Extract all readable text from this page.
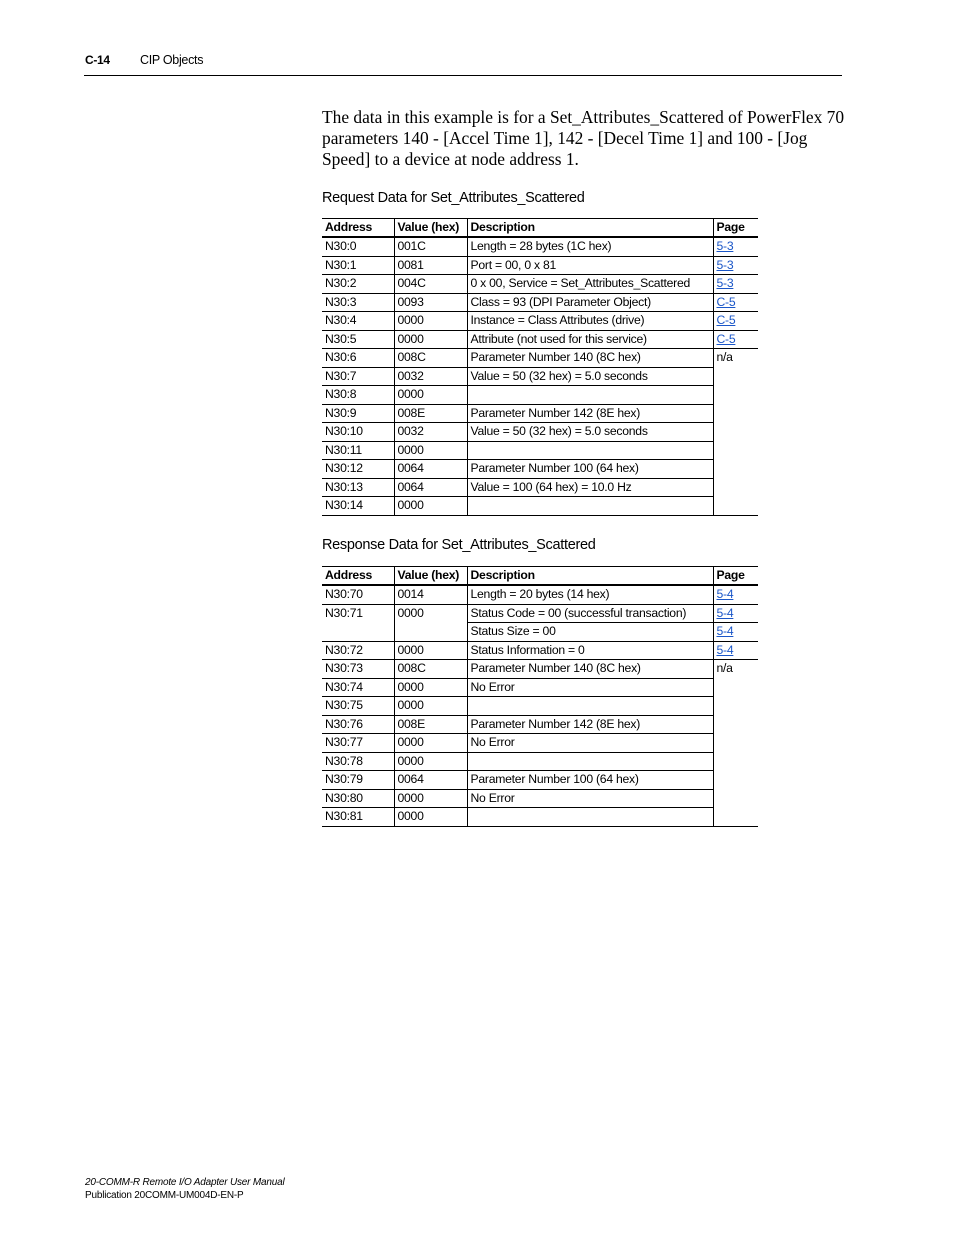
C-14 CIP Objects
The data in this example is for a Set_Attributes_Scattered of PowerFlex 70 parameters 140 - [Accel Time 1], 142 - [Decel Time 1] and 100 - [Jog Speed] to a device at node address 1.
Request Data for Set_Attributes_Scattered
Address	Value (hex)	Description	Page
N30:0	001C	Length = 28 bytes (1C hex)	5-3
N30:1	0081	Port = 00, 0 x 81	5-3
N30:2	004C	0 x 00, Service = Set_Attributes_Scattered	5-3
N30:3	0093	Class = 93 (DPI Parameter Object)	C-5
N30:4	0000	Instance = Class Attributes (drive)	C-5
N30:5	0000	Attribute (not used for this service)	C-5
N30:6	008C	Parameter Number 140 (8C hex)	n/a
N30:7	0032	Value = 50 (32 hex) = 5.0 seconds	
N30:8	0000		
N30:9	008E	Parameter Number 142 (8E hex)	
N30:10	0032	Value = 50 (32 hex) = 5.0 seconds	
N30:11	0000		
N30:12	0064	Parameter Number 100 (64 hex)	
N30:13	0064	Value = 100 (64 hex) = 10.0 Hz	
N30:14	0000		
Response Data for Set_Attributes_Scattered
Address	Value (hex)	Description	Page
N30:70	0014	Length = 20 bytes (14 hex)	5-4
N30:71	0000	Status Code = 00 (successful transaction)	5-4
		Status Size = 00	5-4
N30:72	0000	Status Information = 0	5-4
N30:73	008C	Parameter Number 140 (8C hex)	n/a
N30:74	0000	No Error	
N30:75	0000		
N30:76	008E	Parameter Number 142 (8E hex)	
N30:77	0000	No Error	
N30:78	0000		
N30:79	0064	Parameter Number 100 (64 hex)	
N30:80	0000	No Error	
N30:81	0000		
20-COMM-R Remote I/O Adapter User Manual
Publication 20COMM-UM004D-EN-P
